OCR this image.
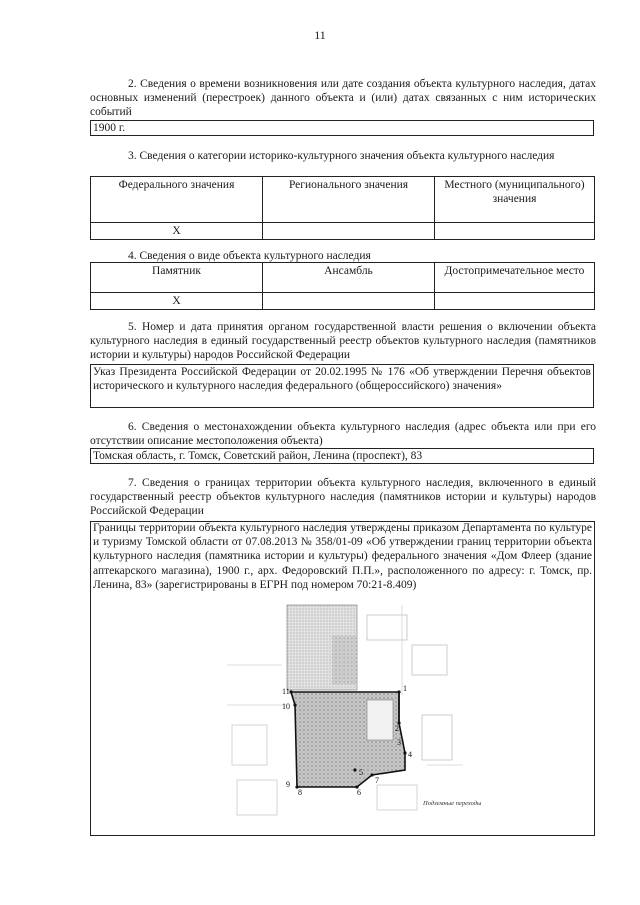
11
2. Сведения о времени возникновения или дате создания объекта культурного наследия, датах основных изменений (перестроек) данного объекта и (или) датах связанных с ним исторических событий
1900 г.
3. Сведения о категории историко-культурного значения объекта культурного наследия
Федерального значения	Регионального значения	Местного (муниципального) значения
X		
4. Сведения о виде объекта культурного наследия
Памятник	Ансамбль	Достопримечательное место
X		
5. Номер и дата принятия органом государственной власти решения о включении объекта культурного наследия в единый государственный реестр объектов культурного наследия (памятников истории и культуры) народов Российской Федерации
Указ Президента Российской Федерации от 20.02.1995 № 176 «Об утверждении Перечня объектов исторического и культурного наследия федерального (общероссийского) значения»
6. Сведения о местонахождении объекта культурного наследия (адрес объекта или при его отсутствии описание местоположения объекта)
Томская область, г. Томск, Советский район, Ленина (проспект), 83
7. Сведения о границах территории объекта культурного наследия, включенного в единый государственный реестр объектов культурного наследия (памятников истории и культуры) народов Российской Федерации
Границы территории объекта культурного наследия утверждены приказом Департамента по культуре и туризму Томской области от 07.08.2013 № 358/01-09 «Об утверждении границ территории объекта культурного наследия (памятника истории и культуры) федерального значения «Дом Флеер (здание аптекарского магазина), 1900 г., арх. Федоровский П.П.», расположенного по адресу: г. Томск, пр. Ленина, 83» (зарегистрированы в ЕГРН под номером 70:21-8.409)
1
2
3
4
5
6
7
8
9
10
11
Подземные переходы
